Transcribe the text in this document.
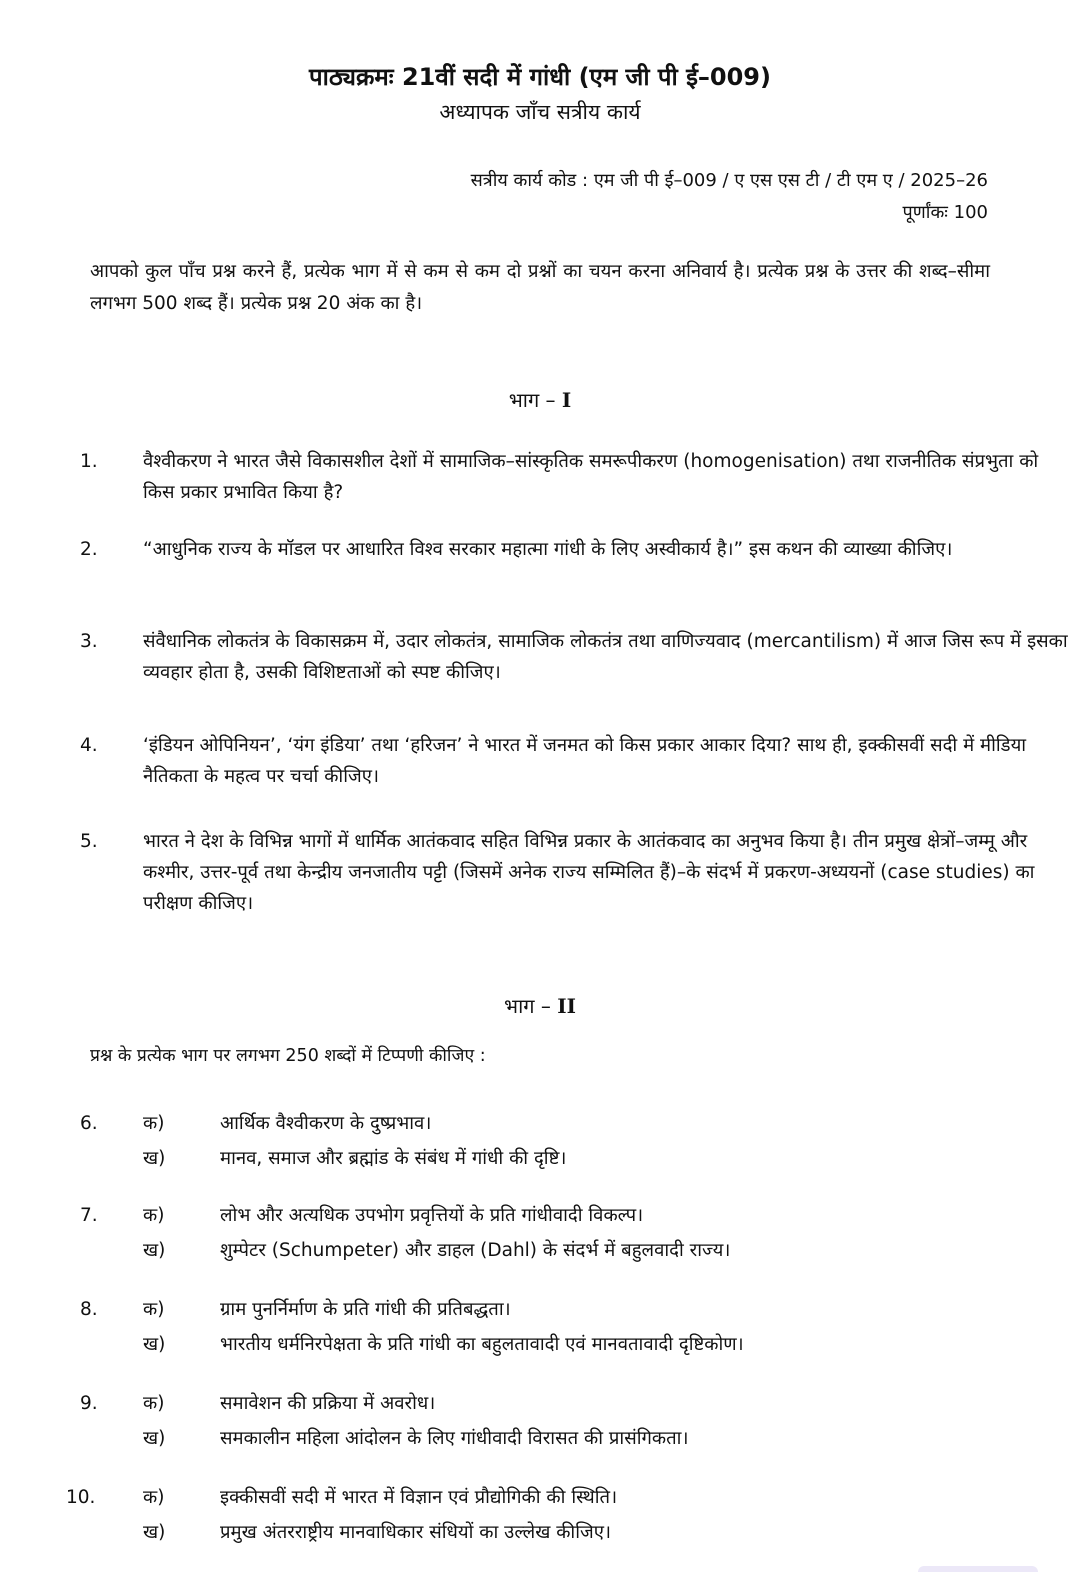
पाठ्यक्रमः 21वीं सदी में गांधी (एम जी पी ई–009)
अध्यापक जाँच सत्रीय कार्य
सत्रीय कार्य कोड : एम जी पी ई–009 / ए एस एस टी / टी एम ए / 2025–26
पूर्णांकः 100
आपको कुल पाँच प्रश्न करने हैं, प्रत्येक भाग में से कम से कम दो प्रश्नों का चयन करना अनिवार्य है। प्रत्येक प्रश्न के उत्तर की शब्द–सीमा लगभग 500 शब्द हैं। प्रत्येक प्रश्न 20 अंक का है।
भाग – I
1.	वैश्वीकरण ने भारत जैसे विकासशील देशों में सामाजिक–सांस्कृतिक समरूपीकरण (homogenisation) तथा राजनीतिक संप्रभुता को किस प्रकार प्रभावित किया है?
2.	“आधुनिक राज्य के मॉडल पर आधारित विश्व सरकार महात्मा गांधी के लिए अस्वीकार्य है।” इस कथन की व्याख्या कीजिए।
3.	संवैधानिक लोकतंत्र के विकासक्रम में, उदार लोकतंत्र, सामाजिक लोकतंत्र तथा वाणिज्यवाद (mercantilism) में आज जिस रूप में इसका व्यवहार होता है, उसकी विशिष्टताओं को स्पष्ट कीजिए।
4.	‘इंडियन ओपिनियन’, ‘यंग इंडिया’ तथा ‘हरिजन’ ने भारत में जनमत को किस प्रकार आकार दिया? साथ ही, इक्कीसवीं सदी में मीडिया नैतिकता के महत्व पर चर्चा कीजिए।
5.	भारत ने देश के विभिन्न भागों में धार्मिक आतंकवाद सहित विभिन्न प्रकार के आतंकवाद का अनुभव किया है। तीन प्रमुख क्षेत्रों–जम्मू और कश्मीर, उत्तर-पूर्व तथा केन्द्रीय जनजातीय पट्टी (जिसमें अनेक राज्य सम्मिलित हैं)–के संदर्भ में प्रकरण-अध्ययनों (case studies) का परीक्षण कीजिए।
भाग – II
प्रश्न के प्रत्येक भाग पर लगभग 250 शब्दों में टिप्पणी कीजिए :
6. क)	आर्थिक वैश्वीकरण के दुष्प्रभाव।
ख)	मानव, समाज और ब्रह्मांड के संबंध में गांधी की दृष्टि।
7. क)	लोभ और अत्यधिक उपभोग प्रवृत्तियों के प्रति गांधीवादी विकल्प।
ख)	शुम्पेटर (Schumpeter) और डाहल (Dahl) के संदर्भ में बहुलवादी राज्य।
8. क)	ग्राम पुनर्निर्माण के प्रति गांधी की प्रतिबद्धता।
ख)	भारतीय धर्मनिरपेक्षता के प्रति गांधी का बहुलतावादी एवं मानवतावादी दृष्टिकोण।
9. क)	समावेशन की प्रक्रिया में अवरोध।
ख)	समकालीन महिला आंदोलन के लिए गांधीवादी विरासत की प्रासंगिकता।
10.	क)	इक्कीसवीं सदी में भारत में विज्ञान एवं प्रौद्योगिकी की स्थिति।
ख)	प्रमुख अंतरराष्ट्रीय मानवाधिकार संधियों का उल्लेख कीजिए।
